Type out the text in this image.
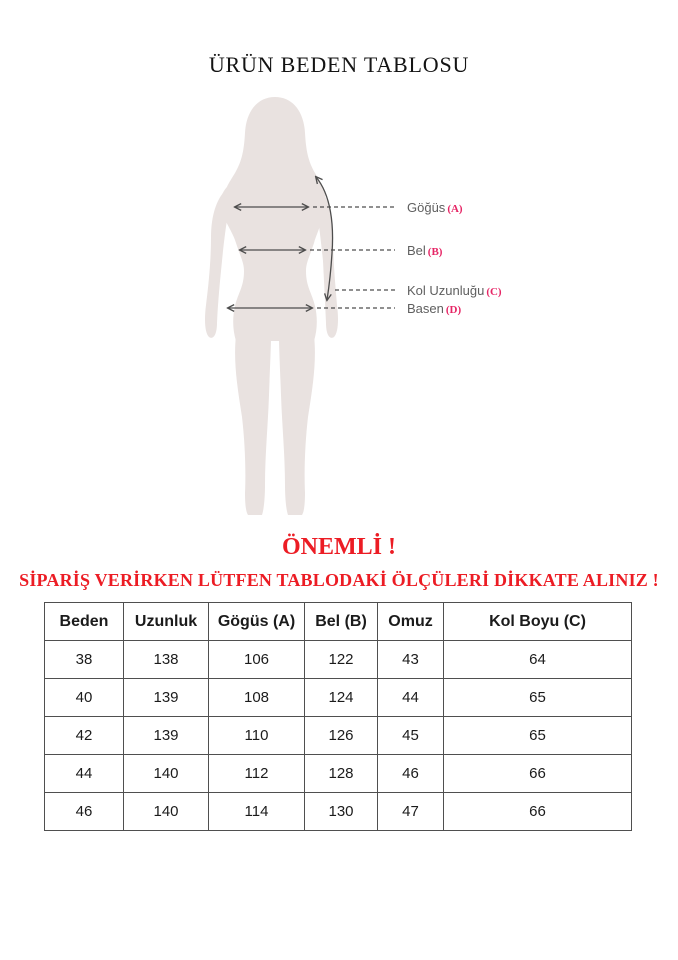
ÜRÜN BEDEN TABLOSU
Göğüs (A)
Bel (B)
Kol Uzunluğu (C)
Basen (D)
ÖNEMLİ !
SİPARİŞ VERİRKEN LÜTFEN TABLODAKİ ÖLÇÜLERİ DİKKATE ALINIZ !
Beden	Uzunluk	Gögüs (A)	Bel (B)	Omuz	Kol Boyu (C)
38	138	106	122	43	64
40	139	108	124	44	65
42	139	110	126	45	65
44	140	112	128	46	66
46	140	114	130	47	66
